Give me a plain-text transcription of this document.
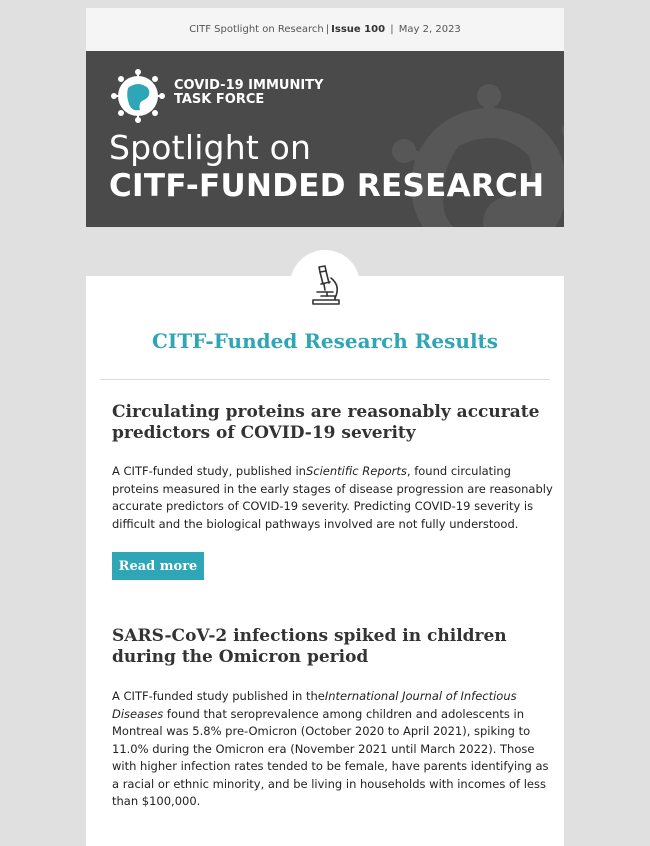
CITF Spotlight on Research | Issue 100 | May 2, 2023
COVID-19 IMMUNITY
TASK FORCE
Spotlight on
CITF-FUNDED RESEARCH
CITF-Funded Research Results
Circulating proteins are reasonably accurate predictors of COVID-19 severity
A CITF-funded study, published inScientific Reports, found circulating proteins measured in the early stages of disease progression are reasonably accurate predictors of COVID-19 severity. Predicting COVID-19 severity is difficult and the biological pathways involved are not fully understood.
Read more
SARS-CoV-2 infections spiked in children during the Omicron period
A CITF-funded study published in theInternational Journal of Infectious Diseases found that seroprevalence among children and adolescents in Montreal was 5.8% pre-Omicron (October 2020 to April 2021), spiking to 11.0% during the Omicron era (November 2021 until March 2022). Those with higher infection rates tended to be female, have parents identifying as a racial or ethnic minority, and be living in households with incomes of less than $100,000.
